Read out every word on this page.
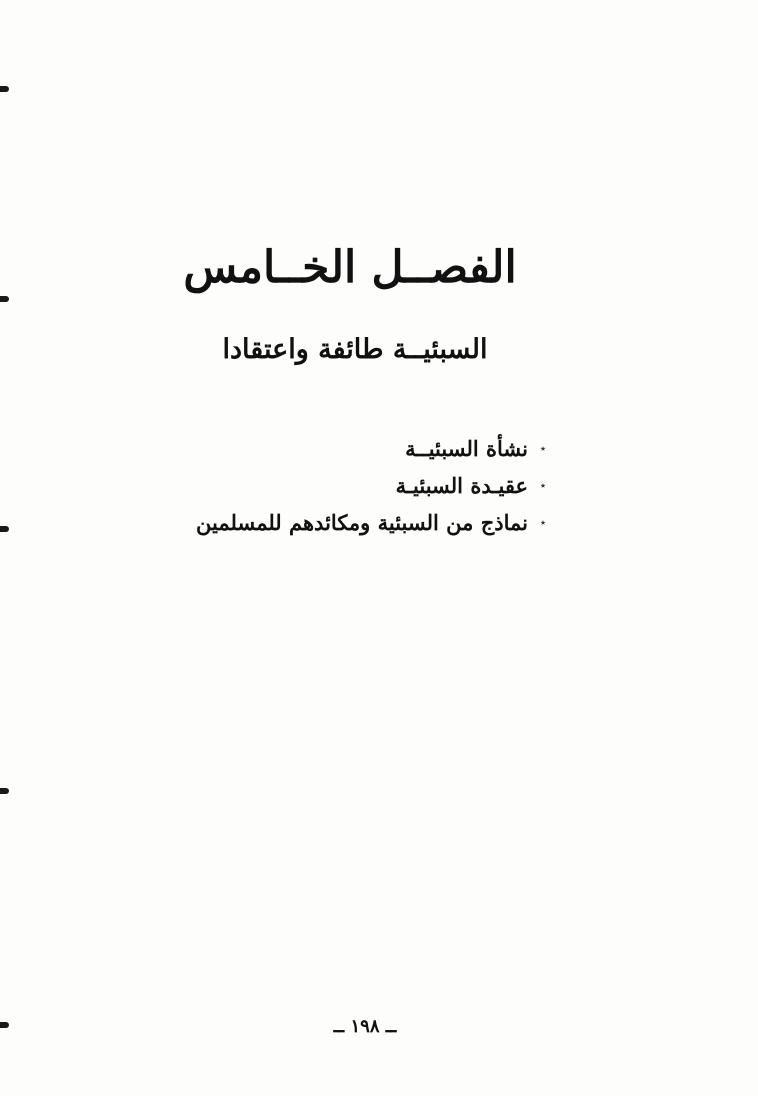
الفصــل الخــامس
السبئيــة طائفة واعتقادا
٭
نشأة السبئيــة
٭
عقيـدة السبئيـة
٭
نماذج من السبئية ومكائدهم للمسلمين
ــ ١٩٨ ــ
